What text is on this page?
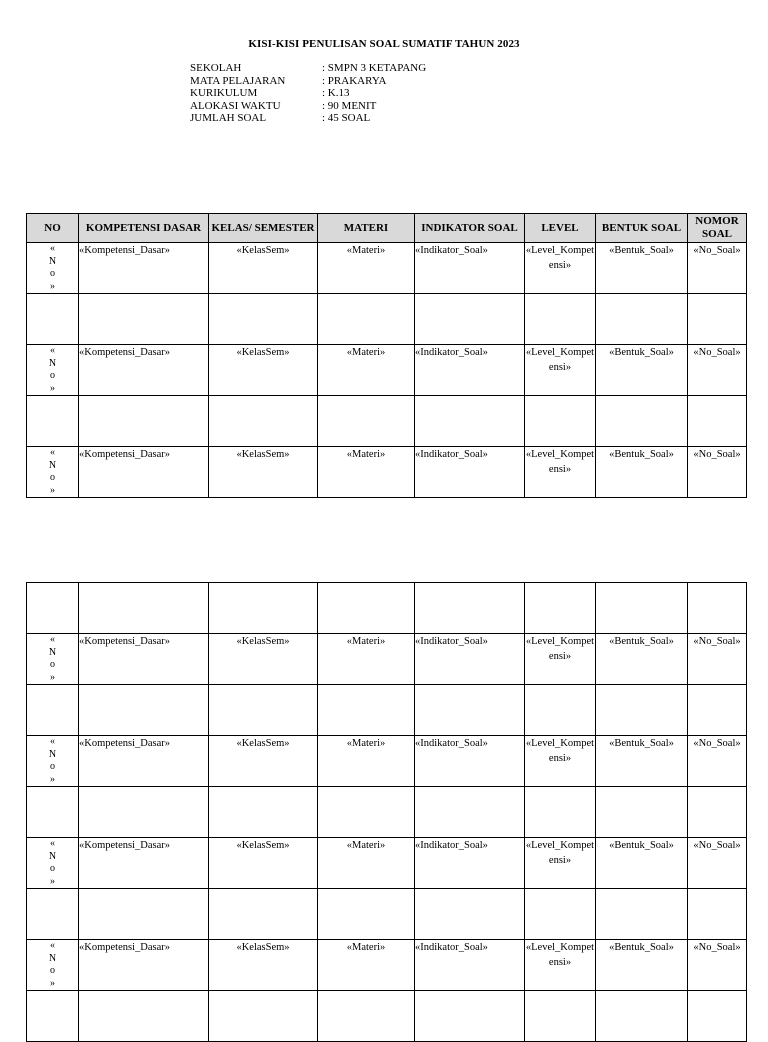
KISI-KISI PENULISAN SOAL SUMATIF TAHUN 2023
SEKOLAH	: SMPN 3 KETAPANG
MATA PELAJARAN	: PRAKARYA
KURIKULUM	: K.13
ALOKASI WAKTU	: 90 MENIT
JUMLAH SOAL	: 45 SOAL
NO	KOMPETENSI DASAR	KELAS/ SEMESTER	MATERI	INDIKATOR SOAL	LEVEL	BENTUK SOAL	NOMOR SOAL

«
N
o
»	«Kompetensi_Dasar»	«KelasSem»	«Materi»	«Indikator_Soal»	«Level_Kompetensi»	«Bentuk_Soal»	«No_Soal»

«
N
o
»	«Kompetensi_Dasar»	«KelasSem»	«Materi»	«Indikator_Soal»	«Level_Kompetensi»	«Bentuk_Soal»	«No_Soal»

«
N
o
»	«Kompetensi_Dasar»	«KelasSem»	«Materi»	«Indikator_Soal»	«Level_Kompetensi»	«Bentuk_Soal»	«No_Soal»

«
N
o
»	«Kompetensi_Dasar»	«KelasSem»	«Materi»	«Indikator_Soal»	«Level_Kompetensi»	«Bentuk_Soal»	«No_Soal»

«
N
o
»	«Kompetensi_Dasar»	«KelasSem»	«Materi»	«Indikator_Soal»	«Level_Kompetensi»	«Bentuk_Soal»	«No_Soal»

«
N
o
»	«Kompetensi_Dasar»	«KelasSem»	«Materi»	«Indikator_Soal»	«Level_Kompetensi»	«Bentuk_Soal»	«No_Soal»

«
N
o
»	«Kompetensi_Dasar»	«KelasSem»	«Materi»	«Indikator_Soal»	«Level_Kompetensi»	«Bentuk_Soal»	«No_Soal»
